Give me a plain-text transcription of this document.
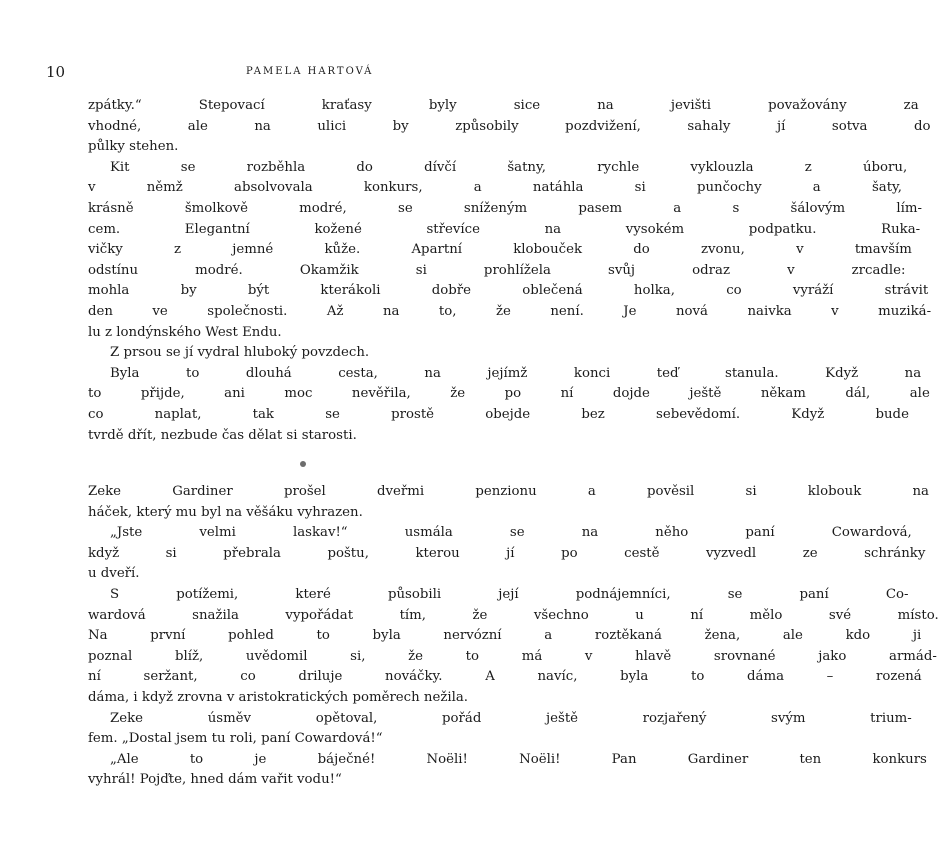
10	PAMELA HARTOVÁ
zpátky.“ Stepovací kraťasy byly sice na jevišti považovány za
vhodné, ale na ulici by způsobily pozdvižení, sahaly jí sotva do
půlky stehen.
Kit se rozběhla do dívčí šatny, rychle vyklouzla z úboru,
v němž absolvovala konkurs, a natáhla si punčochy a šaty,
krásně šmolkově modré, se sníženým pasem a s šálovým lím-
cem. Elegantní kožené střevíce na vysokém podpatku. Ruka-
vičky z jemné kůže. Apartní klobouček do zvonu, v tmavším
odstínu modré. Okamžik si prohlížela svůj odraz v zrcadle:
mohla by být kterákoli dobře oblečená holka, co vyráží strávit
den ve společnosti. Až na to, že není. Je nová naivka v muziká-
lu z londýnského West Endu.
Z prsou se jí vydral hluboký povzdech.
Byla to dlouhá cesta, na jejímž konci teď stanula. Když na
to přijde, ani moc nevěřila, že po ní dojde ještě někam dál, ale
co naplat, tak se prostě obejde bez sebevědomí. Když bude
tvrdě dřít, nezbude čas dělat si starosti.
Zeke Gardiner prošel dveřmi penzionu a pověsil si klobouk na
háček, který mu byl na věšáku vyhrazen.
„Jste velmi laskav!“ usmála se na něho paní Cowardová,
když si přebrala poštu, kterou jí po cestě vyzvedl ze schránky
u dveří.
S potížemi, které působili její podnájemníci, se paní Co-
wardová snažila vypořádat tím, že všechno u ní mělo své místo.
Na první pohled to byla nervózní a roztěkaná žena, ale kdo ji
poznal blíž, uvědomil si, že to má v hlavě srovnané jako armád-
ní seržant, co driluje nováčky. A navíc, byla to dáma – rozená
dáma, i když zrovna v aristokratických poměrech nežila.
Zeke úsměv opětoval, pořád ještě rozjařený svým trium-
fem. „Dostal jsem tu roli, paní Cowardová!“
„Ale to je báječné! Noëli! Noëli! Pan Gardiner ten konkurs
vyhrál! Pojďte, hned dám vařit vodu!“
